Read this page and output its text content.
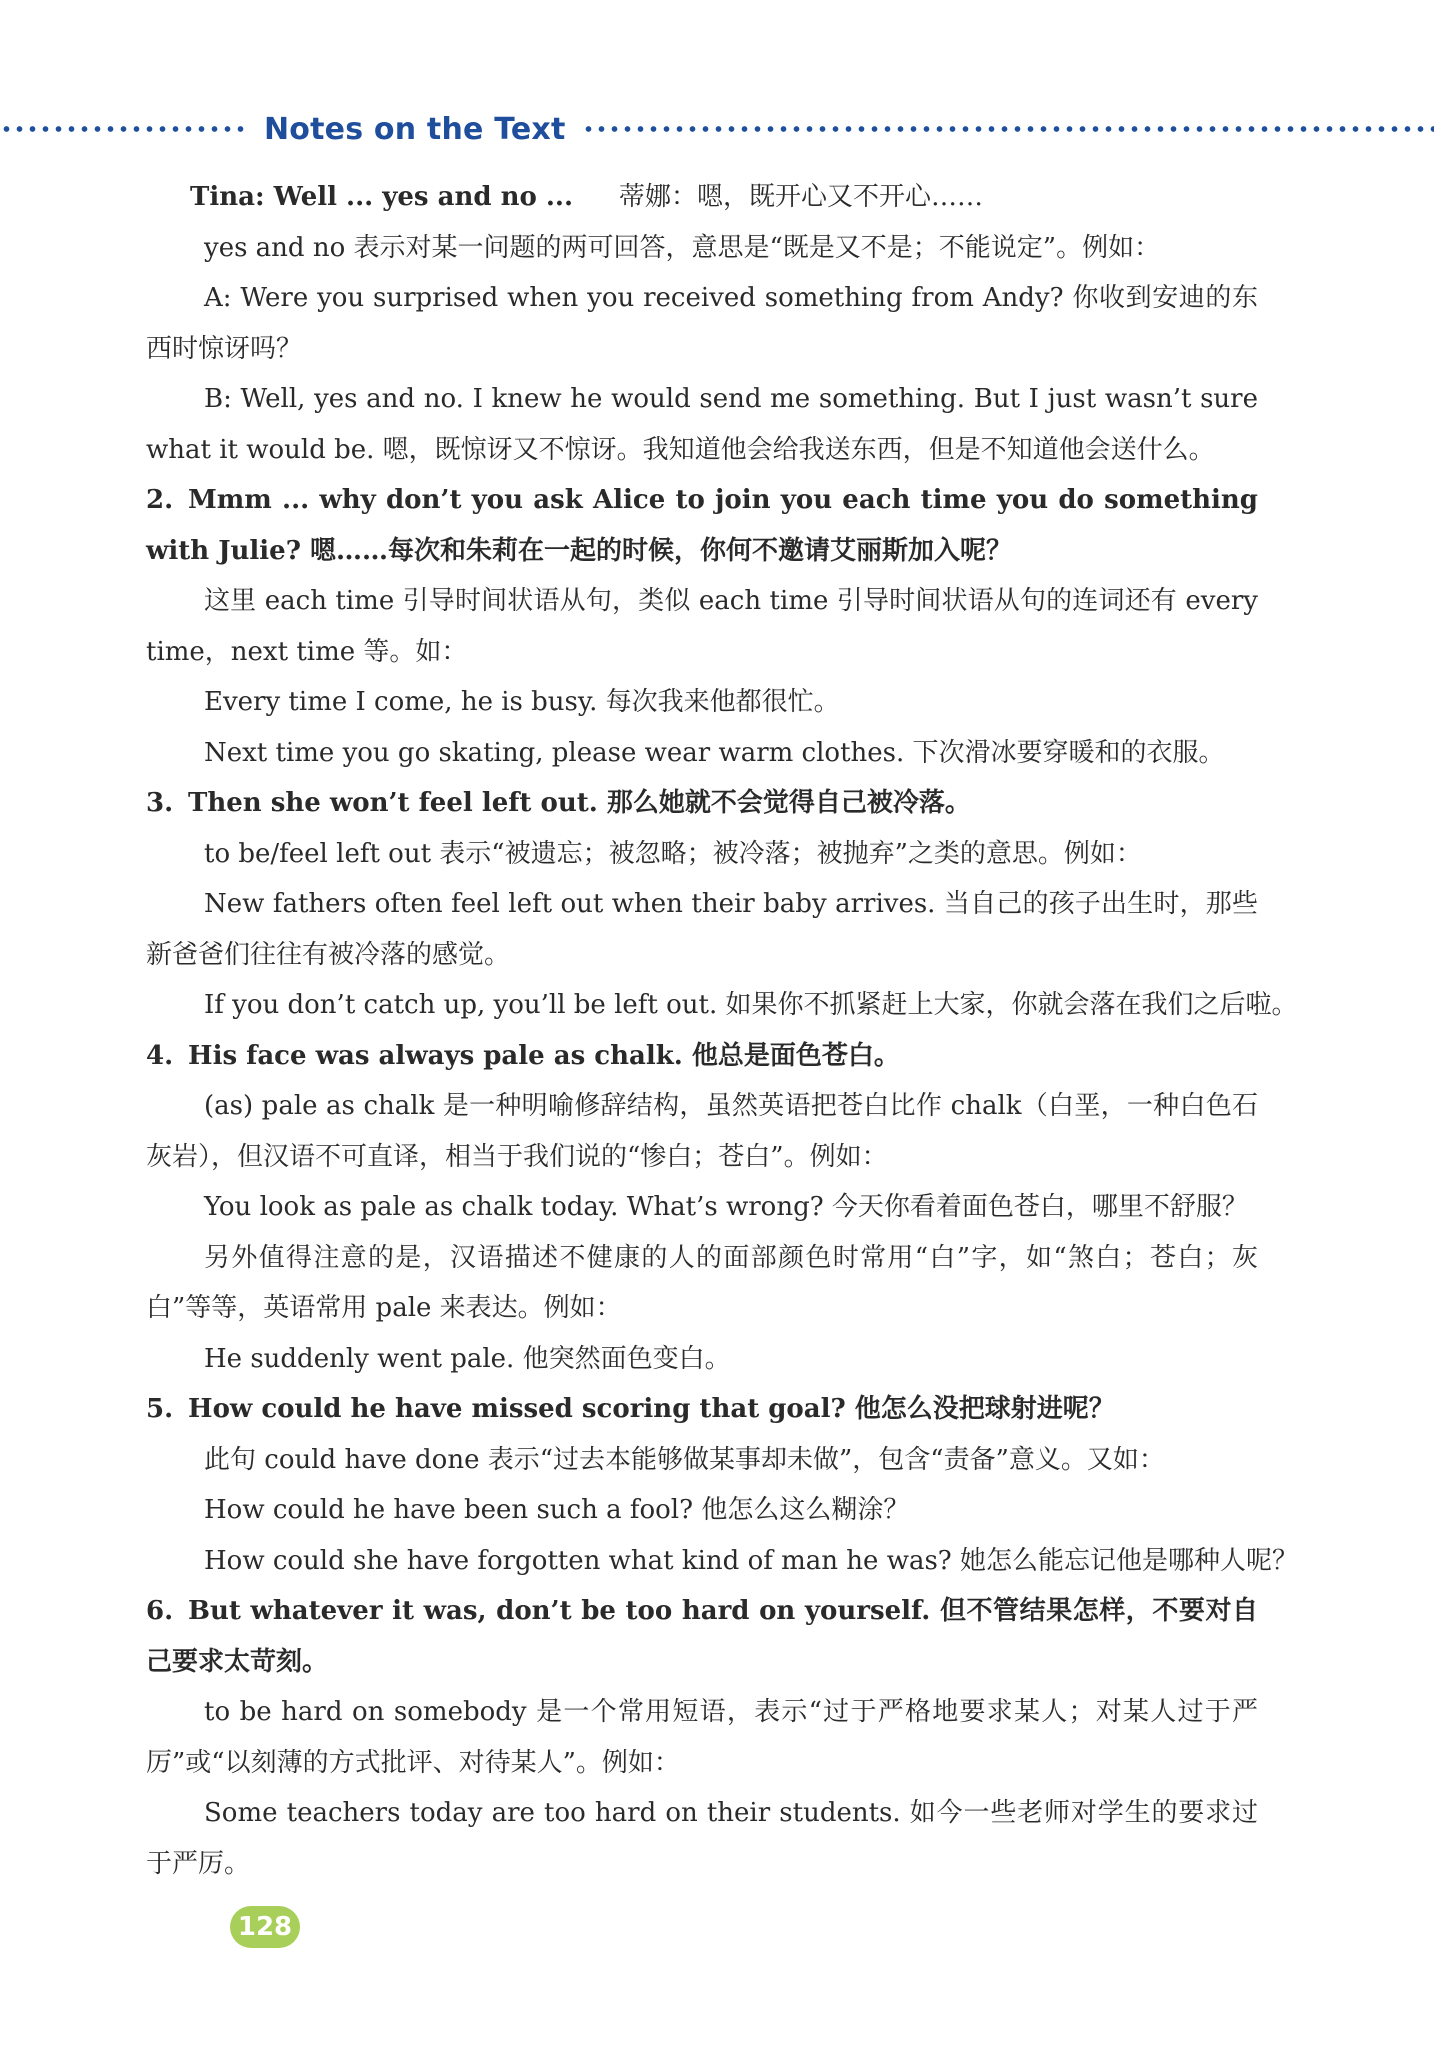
Notes on the Text
Tina: Well ... yes and no ... 蒂娜：嗯，既开心又不开心……
yes and no 表示对某一问题的两可回答，意思是“既是又不是；不能说定”。例如：
A: Were you surprised when you received something from Andy? 你收到安迪的东西时惊讶吗？
B: Well, yes and no. I knew he would send me something. But I just wasn’t sure what it would be. 嗯，既惊讶又不惊讶。我知道他会给我送东西，但是不知道他会送什么。
2. Mmm ... why don’t you ask Alice to join you each time you do something with Julie? 嗯……每次和朱莉在一起的时候，你何不邀请艾丽斯加入呢？
这里 each time 引导时间状语从句，类似 each time 引导时间状语从句的连词还有 every time，next time 等。如：
Every time I come, he is busy. 每次我来他都很忙。
Next time you go skating, please wear warm clothes. 下次滑冰要穿暖和的衣服。
3. Then she won’t feel left out. 那么她就不会觉得自己被冷落。
to be/feel left out 表示“被遗忘；被忽略；被冷落；被抛弃”之类的意思。例如：
New fathers often feel left out when their baby arrives. 当自己的孩子出生时，那些新爸爸们往往有被冷落的感觉。
If you don’t catch up, you’ll be left out. 如果你不抓紧赶上大家，你就会落在我们之后啦。
4. His face was always pale as chalk. 他总是面色苍白。
(as) pale as chalk 是一种明喻修辞结构，虽然英语把苍白比作 chalk（白垩，一种白色石灰岩），但汉语不可直译，相当于我们说的“惨白；苍白”。例如：
You look as pale as chalk today. What’s wrong? 今天你看着面色苍白，哪里不舒服？
另外值得注意的是，汉语描述不健康的人的面部颜色时常用“白”字，如“煞白；苍白；灰白”等等，英语常用 pale 来表达。例如：
He suddenly went pale. 他突然面色变白。
5. How could he have missed scoring that goal? 他怎么没把球射进呢？
此句 could have done 表示“过去本能够做某事却未做”，包含“责备”意义。又如：
How could he have been such a fool? 他怎么这么糊涂？
How could she have forgotten what kind of man he was? 她怎么能忘记他是哪种人呢？
6. But whatever it was, don’t be too hard on yourself. 但不管结果怎样，不要对自己要求太苛刻。
to be hard on somebody 是一个常用短语，表示“过于严格地要求某人；对某人过于严厉”或“以刻薄的方式批评、对待某人”。例如：
Some teachers today are too hard on their students. 如今一些老师对学生的要求过于严厉。
128
